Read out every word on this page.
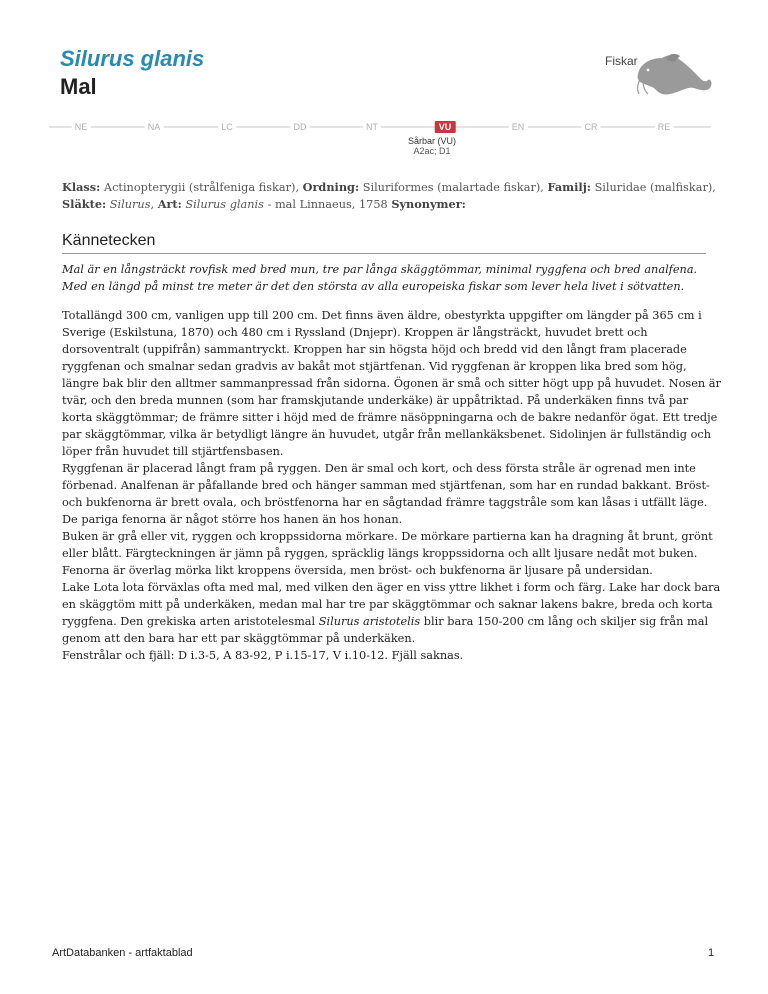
Silurus glanis
Mal
Fiskar
NE	NA	LC	DD	NT	VU	EN	CR	RE
Sårbar (VU)
A2ac; D1
Klass: Actinopterygii (strålfeniga fiskar), Ordning: Siluriformes (malartade fiskar), Familj: Siluridae (malfiskar), Släkte: Silurus, Art: Silurus glanis - mal Linnaeus, 1758 Synonymer:
Kännetecken

Mal är en långsträckt rovfisk med bred mun, tre par långa skäggtömmar, minimal ryggfena och bred analfena. Med en längd på minst tre meter är det den största av alla europeiska fiskar som lever hela livet i sötvatten.

Totallängd 300 cm, vanligen upp till 200 cm. Det finns även äldre, obestyrkta uppgifter om längder på 365 cm i Sverige (Eskilstuna, 1870) och 480 cm i Ryssland (Dnjepr). Kroppen är långsträckt, huvudet brett och dorsoventralt (uppifrån) sammantryckt. Kroppen har sin högsta höjd och bredd vid den långt fram placerade ryggfenan och smalnar sedan gradvis av bakåt mot stjärtfenan. Vid ryggfenan är kroppen lika bred som hög, längre bak blir den alltmer sammanpressad från sidorna. Ögonen är små och sitter högt upp på huvudet. Nosen är tvär, och den breda munnen (som har framskjutande underkäke) är uppåtriktad. På underkäken finns två par korta skäggtömmar; de främre sitter i höjd med de främre näsöppningarna och de bakre nedanför ögat. Ett tredje par skäggtömmar, vilka är betydligt längre än huvudet, utgår från mellankäksbenet. Sidolinjen är fullständig och löper från huvudet till stjärtfensbasen.

Ryggfenan är placerad långt fram på ryggen. Den är smal och kort, och dess första stråle är ogrenad men inte förbenad. Analfenan är påfallande bred och hänger samman med stjärtfenan, som har en rundad bakkant. Bröst- och bukfenorna är brett ovala, och bröstfenorna har en sågtandad främre taggstråle som kan låsas i utfällt läge. De pariga fenorna är något större hos hanen än hos honan.

Buken är grå eller vit, ryggen och kroppssidorna mörkare. De mörkare partierna kan ha dragning åt brunt, grönt eller blått. Färgteckningen är jämn på ryggen, spräcklig längs kroppssidorna och allt ljusare nedåt mot buken. Fenorna är överlag mörka likt kroppens översida, men bröst- och bukfenorna är ljusare på undersidan.

Lake Lota lota förväxlas ofta med mal, med vilken den äger en viss yttre likhet i form och färg. Lake har dock bara en skäggtöm mitt på underkäken, medan mal har tre par skäggtömmar och saknar lakens bakre, breda och korta ryggfena. Den grekiska arten aristotelesmal Silurus aristotelis blir bara 150-200 cm lång och skiljer sig från mal genom att den bara har ett par skäggtömmar på underkäken.

Fenstrålar och fjäll: D i.3-5, A 83-92, P i.15-17, V i.10-12. Fjäll saknas.

ArtDatabanken - artfaktablad	1
